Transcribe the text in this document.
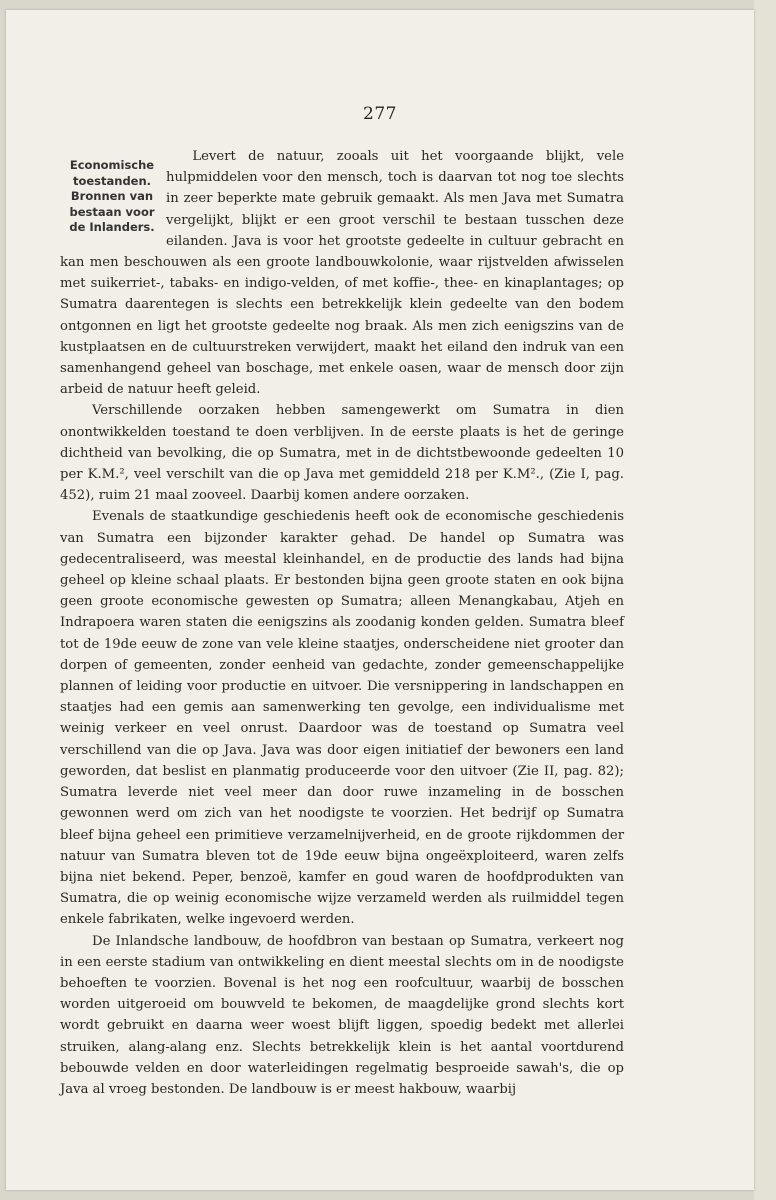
277
Economische
toestanden.
Bronnen van
bestaan voor
de Inlanders.

  Levert de natuur, zooals uit het voorgaande blijkt, vele hulpmiddelen voor den mensch, toch is daarvan tot nog toe slechts in zeer beperkte mate gebruik gemaakt. Als men Java met Sumatra vergelijkt, blijkt er een groot verschil te bestaan tusschen deze eilanden. Java is voor het grootste gedeelte in cultuur gebracht en kan men beschouwen als een groote landbouwkolonie, waar rijstvelden afwisselen met suikerriet-, tabaks- en indigo-velden, of met koffie-, thee- en kinaplantages; op Sumatra daarentegen is slechts een betrekkelijk klein gedeelte van den bodem ontgonnen en ligt het grootste gedeelte nog braak. Als men zich eenigszins van de kustplaatsen en de cultuurstreken verwijdert, maakt het eiland den indruk van een samenhangend geheel van boschage, met enkele oasen, waar de mensch door zijn arbeid de natuur heeft geleid.

Verschillende oorzaken hebben samengewerkt om Sumatra in dien onontwikkelden toestand te doen verblijven. In de eerste plaats is het de geringe dichtheid van bevolking, die op Sumatra, met in de dichtstbewoonde gedeelten 10 per K.M.², veel verschilt van die op Java met gemiddeld 218 per K.M²., (Zie I, pag. 452), ruim 21 maal zooveel. Daarbij komen andere oorzaken.

Evenals de staatkundige geschiedenis heeft ook de economische geschiedenis van Sumatra een bijzonder karakter gehad. De handel op Sumatra was gedecentraliseerd, was meestal kleinhandel, en de productie des lands had bijna geheel op kleine schaal plaats. Er bestonden bijna geen groote staten en ook bijna geen groote economische gewesten op Sumatra; alleen Menangkabau, Atjeh en Indrapoera waren staten die eenigszins als zoodanig konden gelden. Sumatra bleef tot de 19de eeuw de zone van vele kleine staatjes, onderscheidene niet grooter dan dorpen of gemeenten, zonder eenheid van gedachte, zonder gemeenschappelijke plannen of leiding voor productie en uitvoer. Die versnippering in landschappen en staatjes had een gemis aan samenwerking ten gevolge, een individualisme met weinig verkeer en veel onrust. Daardoor was de toestand op Sumatra veel verschillend van die op Java. Java was door eigen initiatief der bewoners een land geworden, dat beslist en planmatig produceerde voor den uitvoer (Zie II, pag. 82); Sumatra leverde niet veel meer dan door ruwe inzameling in de bosschen gewonnen werd om zich van het noodigste te voorzien. Het bedrijf op Sumatra bleef bijna geheel een primitieve verzamelnijverheid, en de groote rijkdommen der natuur van Sumatra bleven tot de 19de eeuw bijna ongeëxploiteerd, waren zelfs bijna niet bekend. Peper, benzoë, kamfer en goud waren de hoofdprodukten van Sumatra, die op weinig economische wijze verzameld werden als ruilmiddel tegen enkele fabrikaten, welke ingevoerd werden.

De Inlandsche landbouw, de hoofdbron van bestaan op Sumatra, verkeert nog in een eerste stadium van ontwikkeling en dient meestal slechts om in de noodigste behoeften te voorzien. Bovenal is het nog een roofcultuur, waarbij de bosschen worden uitgeroeid om bouwveld te bekomen, de maagdelijke grond slechts kort wordt gebruikt en daarna weer woest blijft liggen, spoedig bedekt met allerlei struiken, alang-alang enz. Slechts betrekkelijk klein is het aantal voortdurend bebouwde velden en door waterleidingen regelmatig besproeide sawah's, die op Java al vroeg bestonden. De landbouw is er meest hakbouw, waarbij
